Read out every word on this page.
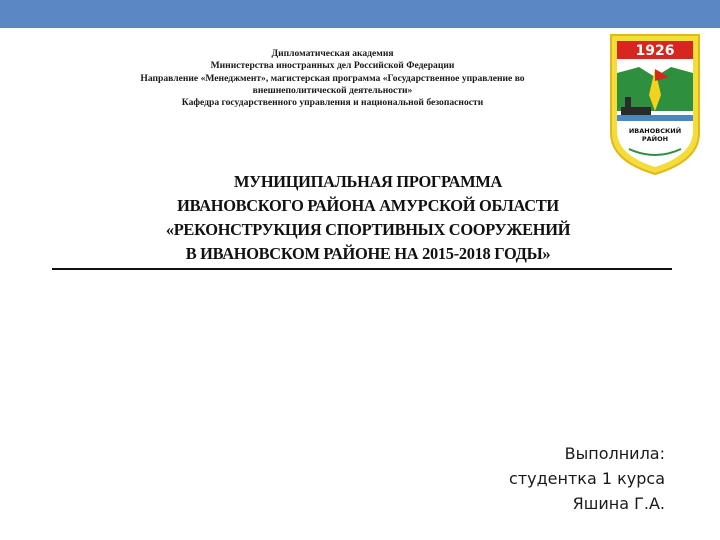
Дипломатическая академия
Министерства иностранных дел Российской Федерации
Направление «Менеджмент», магистерская программа «Государственное управление во
внешнеполитической деятельности»
Кафедра государственного управления и национальной безопасности
1926
ИВАНОВСКИЙ
РАЙОН
МУНИЦИПАЛЬНАЯ ПРОГРАММА
ИВАНОВСКОГО РАЙОНА АМУРСКОЙ ОБЛАСТИ
«РЕКОНСТРУКЦИЯ СПОРТИВНЫХ СООРУЖЕНИЙ
В ИВАНОВСКОМ РАЙОНЕ НА 2015-2018 ГОДЫ»
Выполнила:
студентка 1 курса
Яшина Г.А.
